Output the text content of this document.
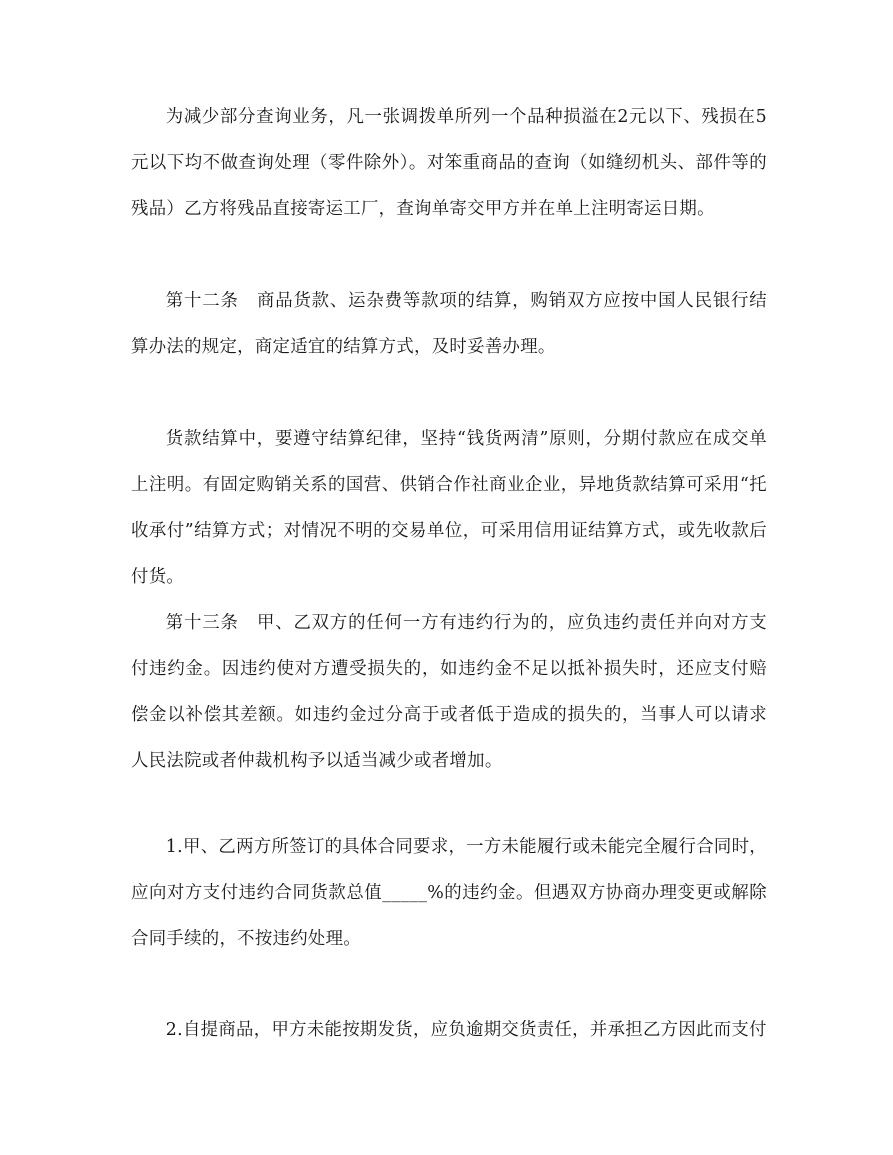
为减少部分查询业务，凡一张调拨单所列一个品种损溢在2元以下、残损在5元以下均不做查询处理（零件除外）。对笨重商品的查询（如缝纫机头、部件等的残品）乙方将残品直接寄运工厂，查询单寄交甲方并在单上注明寄运日期。

第十二条　商品货款、运杂费等款项的结算，购销双方应按中国人民银行结算办法的规定，商定适宜的结算方式，及时妥善办理。

货款结算中，要遵守结算纪律，坚持“钱货两清”原则，分期付款应在成交单上注明。有固定购销关系的国营、供销合作社商业企业，异地货款结算可采用“托收承付”结算方式；对情况不明的交易单位，可采用信用证结算方式，或先收款后付货。

第十三条　甲、乙双方的任何一方有违约行为的，应负违约责任并向对方支付违约金。因违约使对方遭受损失的，如违约金不足以抵补损失时，还应支付赔偿金以补偿其差额。如违约金过分高于或者低于造成的损失的，当事人可以请求人民法院或者仲裁机构予以适当减少或者增加。

1.甲、乙两方所签订的具体合同要求，一方未能履行或未能完全履行合同时，应向对方支付违约合同货款总值_____%的违约金。但遇双方协商办理变更或解除合同手续的，不按违约处理。

2.自提商品，甲方未能按期发货，应负逾期交货责任，并承担乙方因此而支付
